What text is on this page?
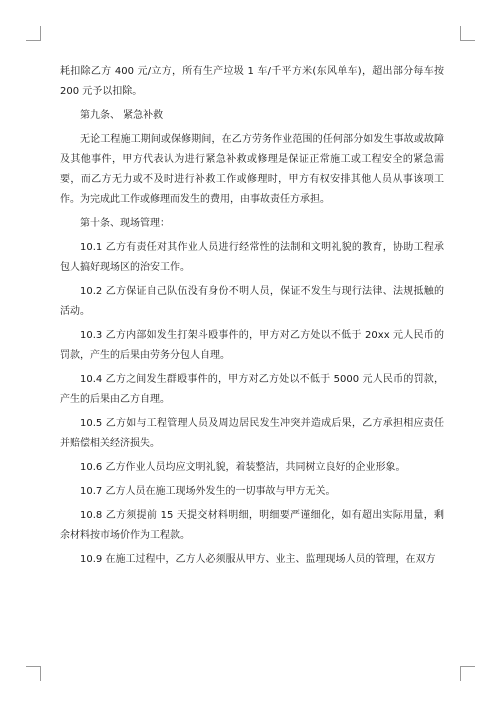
耗扣除乙方 400 元/立方，所有生产垃圾 1 车/千平方米(东风单车)，超出部分每车按 200 元予以扣除。

第九条、 紧急补救

无论工程施工期间或保修期间，在乙方劳务作业范围的任何部分如发生事故或故障及其他事件，甲方代表认为进行紧急补救或修理是保证正常施工或工程安全的紧急需要，而乙方无力或不及时进行补救工作或修理时，甲方有权安排其他人员从事该项工作。为完成此工作或修理而发生的费用，由事故责任方承担。

第十条、现场管理：

10.1 乙方有责任对其作业人员进行经常性的法制和文明礼貌的教育，协助工程承包人搞好现场区的治安工作。

10.2 乙方保证自己队伍没有身份不明人员，保证不发生与现行法律、法规抵触的活动。

10.3 乙方内部如发生打架斗殴事件的，甲方对乙方处以不低于 20xx 元人民币的罚款，产生的后果由劳务分包人自理。

10.4 乙方之间发生群殴事件的，甲方对乙方处以不低于 5000 元人民币的罚款，产生的后果由乙方自理。

10.5 乙方如与工程管理人员及周边居民发生冲突并造成后果，乙方承担相应责任并赔偿相关经济损失。

10.6 乙方作业人员均应文明礼貌，着装整洁，共同树立良好的企业形象。

10.7 乙方人员在施工现场外发生的一切事故与甲方无关。

10.8 乙方须提前 15 天提交材料明细，明细要严谨细化，如有超出实际用量，剩余材料按市场价作为工程款。

10.9 在施工过程中，乙方人必须服从甲方、业主、监理现场人员的管理，在双方
